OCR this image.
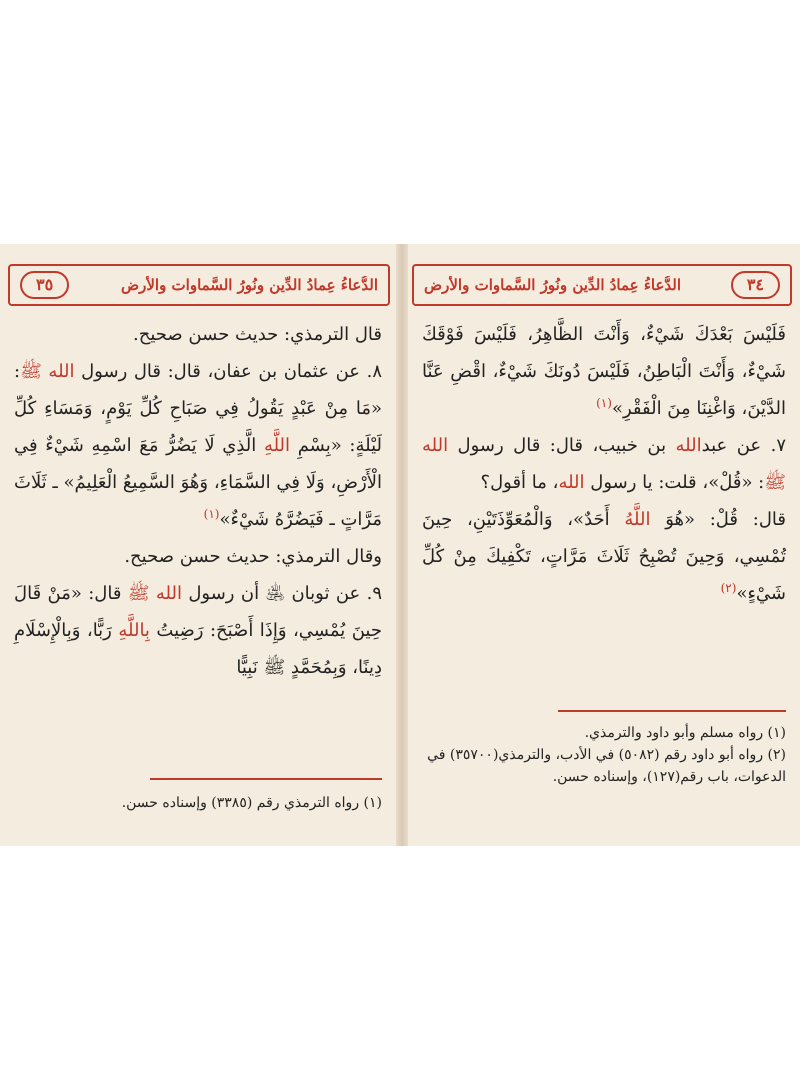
الدُّعاءُ عِمادُ الدِّين ونُورُ السَّماوات والأرض
٣٥

قال الترمذي: حديث حسن صحيح.

٨. عن عثمان بن عفان، قال: قال رسول الله ﷺ: «مَا مِنْ عَبْدٍ يَقُولُ فِي صَبَاحِ كُلِّ يَوْمٍ، وَمَسَاءِ كُلِّ لَيْلَةٍ: «بِسْمِ اللَّهِ الَّذِي لَا يَضُرُّ مَعَ اسْمِهِ شَيْءٌ فِي الْأَرْضِ، وَلَا فِي السَّمَاءِ، وَهُوَ السَّمِيعُ الْعَلِيمُ» ـ ثَلَاثَ مَرَّاتٍ ـ فَيَضُرَّهُ شَيْءٌ»$^{(١)}$

وقال الترمذي: حديث حسن صحيح.

٩. عن ثوبان ﵁ أن رسول الله ﷺ قال: «مَنْ قَالَ حِينَ يُمْسِي، وَإِذَا أَصْبَحَ: رَضِيتُ بِاللَّهِ رَبًّا، وَبِالْإِسْلَامِ دِينًا، وَبِمُحَمَّدٍ ﷺ نَبِيًّا

(١) رواه الترمذي رقم (٣٣٨٥) وإسناده حسن.

٣٤
الدُّعاءُ عِمادُ الدِّين ونُورُ السَّماوات والأرض

فَلَيْسَ بَعْدَكَ شَيْءٌ، وَأَنْتَ الظَّاهِرُ، فَلَيْسَ فَوْقَكَ شَيْءٌ، وَأَنْتَ الْبَاطِنُ، فَلَيْسَ دُونَكَ شَيْءٌ، اقْضِ عَنَّا الدَّيْنَ، وَاغْنِنَا مِنَ الْفَقْرِ»$^{(١)}$

٧. عن عبدالله بن خبيب، قال: قال رسول الله ﷺ: «قُلْ»، قلت: يا رسول الله، ما أقول؟

قال: قُلْ: «هُوَ اللَّهُ أَحَدٌ»، وَالْمُعَوِّذَتَيْنِ، حِينَ تُمْسِي، وَحِينَ تُصْبِحُ ثَلَاثَ مَرَّاتٍ، تَكْفِيكَ مِنْ كُلِّ شَيْءٍ»$^{(٢)}$

(١) رواه مسلم وأبو داود والترمذي.

(٢) رواه أبو داود رقم (٥٠٨٢) في الأدب، والترمذي(٣٥٧٠٠) في الدعوات، باب رقم(١٢٧)، وإسناده حسن.
